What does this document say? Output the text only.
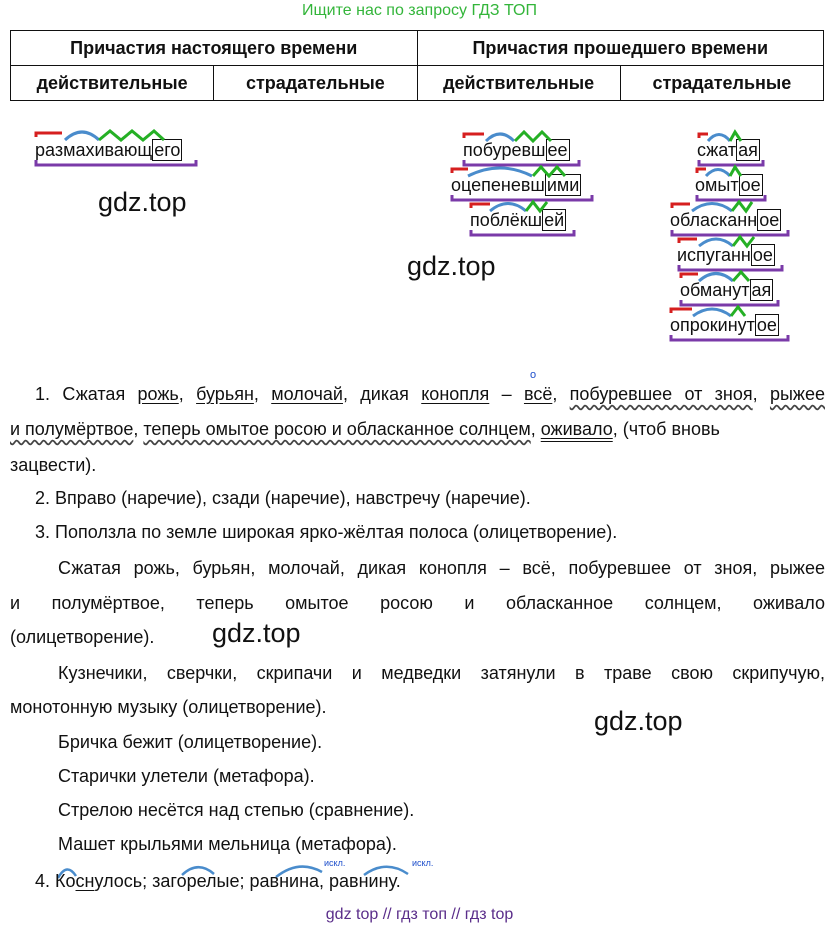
Ищите нас по запросу ГДЗ ТОП
Причастия настоящего времени		Причастия прошедшего времени	
действительные	страдательные	действительные	страдательные
размахивающ его	побуревш ее
оцепеневш ими
поблёкш ей
сжат ая
омыт ое
обласканн ое
испуганн ое
обманут ая
опрокинут ое
gdz.top
gdz.top
gdz.top
gdz.top
о
1. Сжатая рожь, бурьян, молочай, дикая конопля – всё, побуревшее от зноя, рыжее
и полумёртвое, теперь омытое росою и обласканное солнцем, оживало, (чтоб вновь
зацвести).
2. Вправо (наречие), сзади (наречие), навстречу (наречие).
3. Поползла по земле широкая ярко-жёлтая полоса (олицетворение).
Сжатая рожь, бурьян, молочай, дикая конопля – всё, побуревшее от зноя, рыжее
и полумёртвое, теперь омытое росою и обласканное солнцем, оживало
(олицетворение).
Кузнечики, сверчки, скрипачи и медведки затянули в траве свою скрипучую,
монотонную музыку (олицетворение).
Бричка бежит (олицетворение).
Старички улетели (метафора).
Стрелою несётся над степью (сравнение).
Машет крыльями мельница (метафора).
искл.	искл.
4. Коснулось; загорелые; равнина, равнину.
gdz top // гдз топ // гдз top
